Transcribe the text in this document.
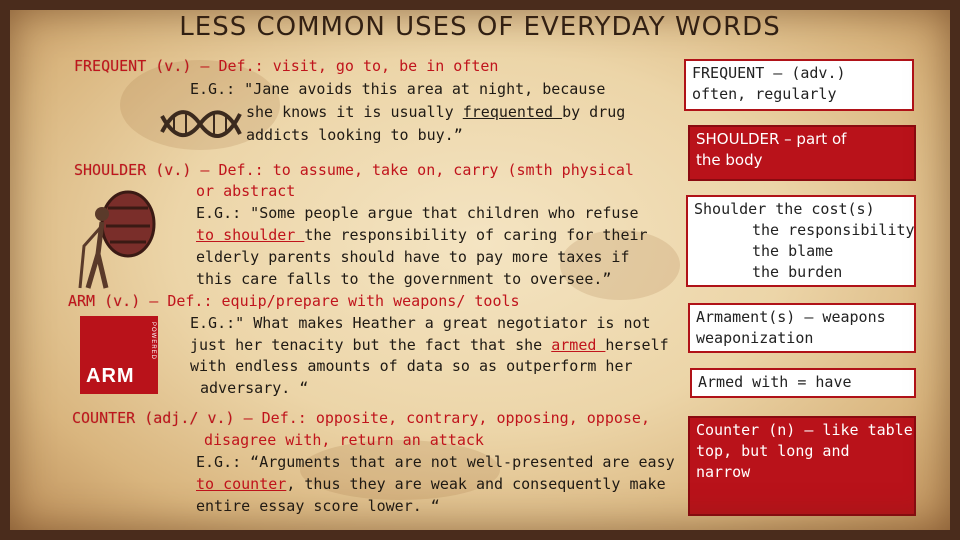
LESS COMMON USES OF EVERYDAY WORDS
FREQUENT (v.) – Def.: visit, go to, be in often
E.G.: "Jane avoids this area at night, because
she knows it is usually frequented by drug
addicts looking to buy.”
SHOULDER (v.) – Def.: to assume, take on, carry (smth physical
or abstract
E.G.: "Some people argue that children who refuse
to shoulder the responsibility of caring for their
elderly parents should have to pay more taxes if
this care falls to the government to oversee.”
ARM (v.) – Def.: equip/prepare with weapons/ tools
E.G.:" What makes Heather a great negotiator is not
just her tenacity but the fact that she armed herself
with endless amounts of data so as outperform her
adversary. “
POWERED
ARM
COUNTER (adj./ v.) – Def.: opposite, contrary, opposing, oppose,
disagree with, return an attack
E.G.: “Arguments that are not well-presented are easy
to counter, thus they are weak and consequently make
entire essay score lower. “
FREQUENT – (adv.)
often, regularly
SHOULDER – part of
the body
Shoulder the cost(s)
the responsibility
the blame
the burden
Armament(s) – weapons
weaponization
Armed with = have
Counter (n) – like table
top, but long and
narrow
